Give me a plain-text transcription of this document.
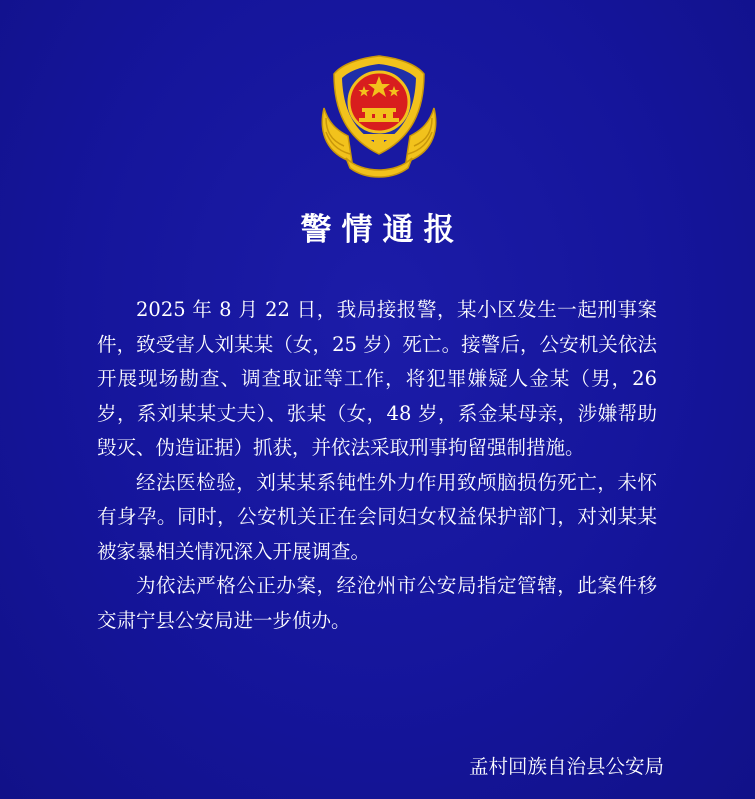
警情通报

2025 年 8 月 22 日，我局接报警，某小区发生一起刑事案件，致受害人刘某某（女，25 岁）死亡。接警后，公安机关依法开展现场勘查、调查取证等工作，将犯罪嫌疑人金某（男，26 岁，系刘某某丈夫）、张某（女，48 岁，系金某母亲，涉嫌帮助毁灭、伪造证据）抓获，并依法采取刑事拘留强制措施。

经法医检验，刘某某系钝性外力作用致颅脑损伤死亡，未怀有身孕。同时，公安机关正在会同妇女权益保护部门，对刘某某被家暴相关情况深入开展调查。

为依法严格公正办案，经沧州市公安局指定管辖，此案件移交肃宁县公安局进一步侦办。

孟村回族自治县公安局
